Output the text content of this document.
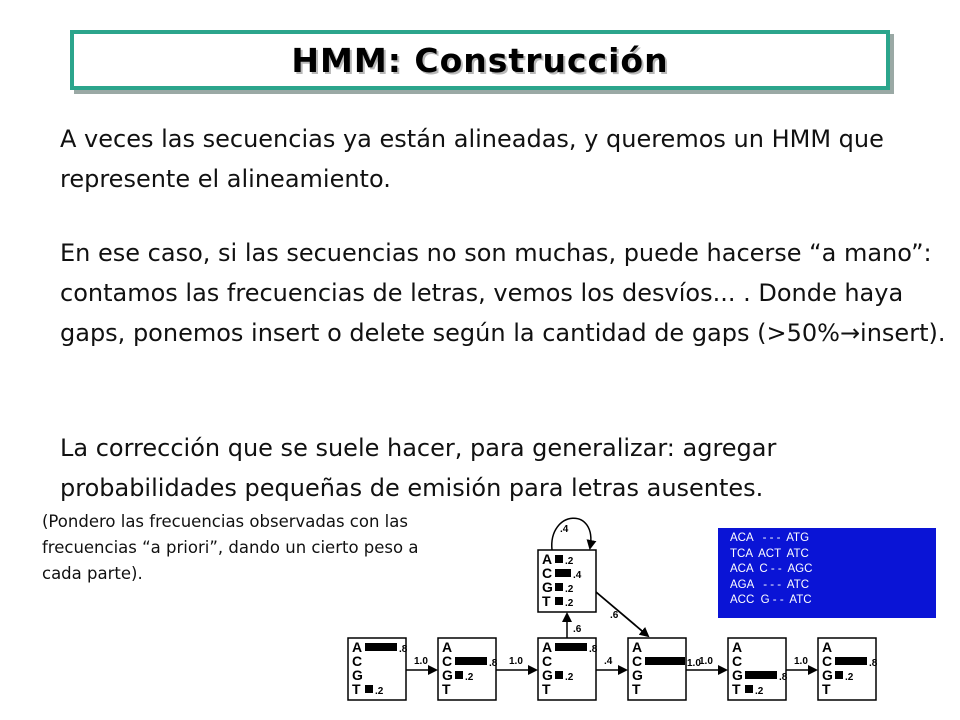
HMM: Construcción

A veces las secuencias ya están alineadas, y queremos un HMM que represente el alineamiento.

En ese caso, si las secuencias no son muchas, puede hacerse “a mano”: contamos las frecuencias de letras, vemos los desvíos... . Donde haya gaps, ponemos insert o delete según la cantidad de gaps (>50%→insert).

La corrección que se suele hacer, para generalizar: agregar probabilidades pequeñas de emisión para letras ausentes.

(Pondero las frecuencias observadas con las frecuencias “a priori”, dando un cierto peso a cada parte).

ACA   - - -  ATG
TCA  ACT  ATC
ACA  C - -  AGC
AGA   - - -  ATC
ACC  G - -  ATC
A	.8
C
G
T .2
A
C	.8
G .2
T
A	.8
C
G .2
T
A
C	1.0
G
T
A
C
G	.8
T .2
A
C	.8
G .2
T
A .2
C .4
G .2
T .2
1.0	1.0	.4	1.0	1.0
.6
.6
.4
